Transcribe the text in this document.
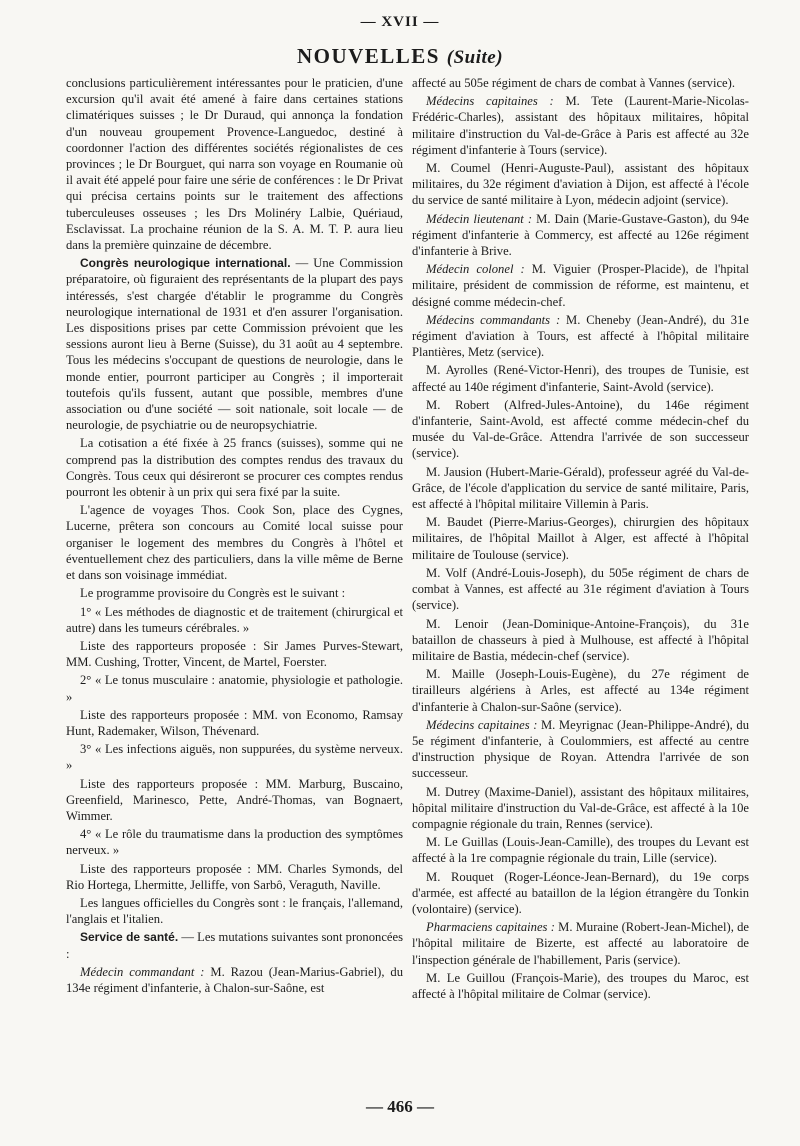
— XVII —
NOUVELLES (Suite)

conclusions particulièrement intéressantes pour le praticien, d'une excursion qu'il avait été amené à faire dans certaines stations climatériques suisses ; le Dr Duraud, qui annonça la fondation d'un nouveau groupement Provence-Languedoc, destiné à coordonner l'action des différentes sociétés régionalistes de ces provinces ; le Dr Bourguet, qui narra son voyage en Roumanie où il avait été appelé pour faire une série de conférences : le Dr Privat qui précisa certains points sur le traitement des affections tuberculeuses osseuses ; les Drs Molinéry Lalbie, Quériaud, Esclavissat. La prochaine réunion de la S. A. M. T. P. aura lieu dans la première quinzaine de décembre.

Congrès neurologique international. — Une Commission préparatoire, où figuraient des représentants de la plupart des pays intéressés, s'est chargée d'établir le programme du Congrès neurologique international de 1931 et d'en assurer l'organisation. Les dispositions prises par cette Commission prévoient que les sessions auront lieu à Berne (Suisse), du 31 août au 4 septembre. Tous les médecins s'occupant de questions de neurologie, dans le monde entier, pourront participer au Congrès ; il importerait toutefois qu'ils fussent, autant que possible, membres d'une association ou d'une société — soit nationale, soit locale — de neurologie, de psychiatrie ou de neuropsychiatrie.

La cotisation a été fixée à 25 francs (suisses), somme qui ne comprend pas la distribution des comptes rendus des travaux du Congrès. Tous ceux qui désireront se procurer ces comptes rendus pourront les obtenir à un prix qui sera fixé par la suite.

L'agence de voyages Thos. Cook Son, place des Cygnes, Lucerne, prêtera son concours au Comité local suisse pour organiser le logement des membres du Congrès à l'hôtel et éventuellement chez des particuliers, dans la ville même de Berne et dans son voisinage immédiat.

Le programme provisoire du Congrès est le suivant :

1° « Les méthodes de diagnostic et de traitement (chirurgical et autre) dans les tumeurs cérébrales. »

Liste des rapporteurs proposée : Sir James Purves-Stewart, MM. Cushing, Trotter, Vincent, de Martel, Foerster.

2° « Le tonus musculaire : anatomie, physiologie et pathologie. »

Liste des rapporteurs proposée : MM. von Economo, Ramsay Hunt, Rademaker, Wilson, Thévenard.

3° « Les infections aiguës, non suppurées, du système nerveux. »

Liste des rapporteurs proposée : MM. Marburg, Buscaino, Greenfield, Marinesco, Pette, André-Thomas, van Bognaert, Wimmer.

4° « Le rôle du traumatisme dans la production des symptômes nerveux. »

Liste des rapporteurs proposée : MM. Charles Symonds, del Rio Hortega, Lhermitte, Jelliffe, von Sarbô, Veraguth, Naville.

Les langues officielles du Congrès sont : le français, l'allemand, l'anglais et l'italien.

Service de santé. — Les mutations suivantes sont prononcées :

Médecin commandant : M. Razou (Jean-Marius-Gabriel), du 134e régiment d'infanterie, à Chalon-sur-Saône, est

affecté au 505e régiment de chars de combat à Vannes (service).

Médecins capitaines : M. Tete (Laurent-Marie-Nicolas-Frédéric-Charles), assistant des hôpitaux militaires, hôpital militaire d'instruction du Val-de-Grâce à Paris est affecté au 32e régiment d'infanterie à Tours (service).

M. Coumel (Henri-Auguste-Paul), assistant des hôpitaux militaires, du 32e régiment d'aviation à Dijon, est affecté à l'école du service de santé militaire à Lyon, médecin adjoint (service).

Médecin lieutenant : M. Dain (Marie-Gustave-Gaston), du 94e régiment d'infanterie à Commercy, est affecté au 126e régiment d'infanterie à Brive.

Médecin colonel : M. Viguier (Prosper-Placide), de l'hpital militaire, président de commission de réforme, est maintenu, et désigné comme médecin-chef.

Médecins commandants : M. Cheneby (Jean-André), du 31e régiment d'aviation à Tours, est affecté à l'hôpital militaire Plantières, Metz (service).

M. Ayrolles (René-Victor-Henri), des troupes de Tunisie, est affecté au 140e régiment d'infanterie, Saint-Avold (service).

M. Robert (Alfred-Jules-Antoine), du 146e régiment d'infanterie, Saint-Avold, est affecté comme médecin-chef du musée du Val-de-Grâce. Attendra l'arrivée de son successeur (service).

M. Jausion (Hubert-Marie-Gérald), professeur agréé du Val-de-Grâce, de l'école d'application du service de santé militaire, Paris, est affecté à l'hôpital militaire Villemin à Paris.

M. Baudet (Pierre-Marius-Georges), chirurgien des hôpitaux militaires, de l'hôpital Maillot à Alger, est affecté à l'hôpital militaire de Toulouse (service).

M. Volf (André-Louis-Joseph), du 505e régiment de chars de combat à Vannes, est affecté au 31e régiment d'aviation à Tours (service).

M. Lenoir (Jean-Dominique-Antoine-François), du 31e bataillon de chasseurs à pied à Mulhouse, est affecté à l'hôpital militaire de Bastia, médecin-chef (service).

M. Maille (Joseph-Louis-Eugène), du 27e régiment de tirailleurs algériens à Arles, est affecté au 134e régiment d'infanterie à Chalon-sur-Saône (service).

Médecins capitaines : M. Meyrignac (Jean-Philippe-André), du 5e régiment d'infanterie, à Coulommiers, est affecté au centre d'instruction physique de Royan. Attendra l'arrivée de son successeur.

M. Dutrey (Maxime-Daniel), assistant des hôpitaux militaires, hôpital militaire d'instruction du Val-de-Grâce, est affecté à la 10e compagnie régionale du train, Rennes (service).

M. Le Guillas (Louis-Jean-Camille), des troupes du Levant est affecté à la 1re compagnie régionale du train, Lille (service).

M. Rouquet (Roger-Léonce-Jean-Bernard), du 19e corps d'armée, est affecté au bataillon de la légion étrangère du Tonkin (volontaire) (service).

Pharmaciens capitaines : M. Muraine (Robert-Jean-Michel), de l'hôpital militaire de Bizerte, est affecté au laboratoire de l'inspection générale de l'habillement, Paris (service).

M. Le Guillou (François-Marie), des troupes du Maroc, est affecté à l'hôpital militaire de Colmar (service).

— 466 —
